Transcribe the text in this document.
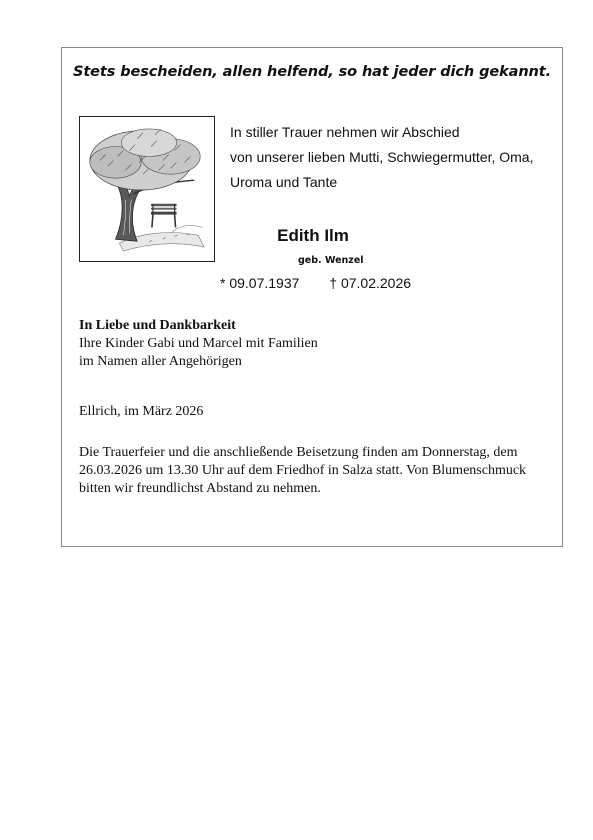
Stets bescheiden, allen helfend, so hat jeder dich gekannt.
In stiller Trauer nehmen wir Abschied
von unserer lieben Mutti, Schwiegermutter, Oma,
Uroma und Tante
Edith Ilm
geb. Wenzel
* 09.07.1937 † 07.02.2026
In Liebe und Dankbarkeit
Ihre Kinder Gabi und Marcel mit Familien
im Namen aller Angehörigen
Ellrich, im März 2026
Die Trauerfeier und die anschließende Beisetzung finden am Donnerstag, dem
26.03.2026 um 13.30 Uhr auf dem Friedhof in Salza statt. Von Blumenschmuck
bitten wir freundlichst Abstand zu nehmen.
